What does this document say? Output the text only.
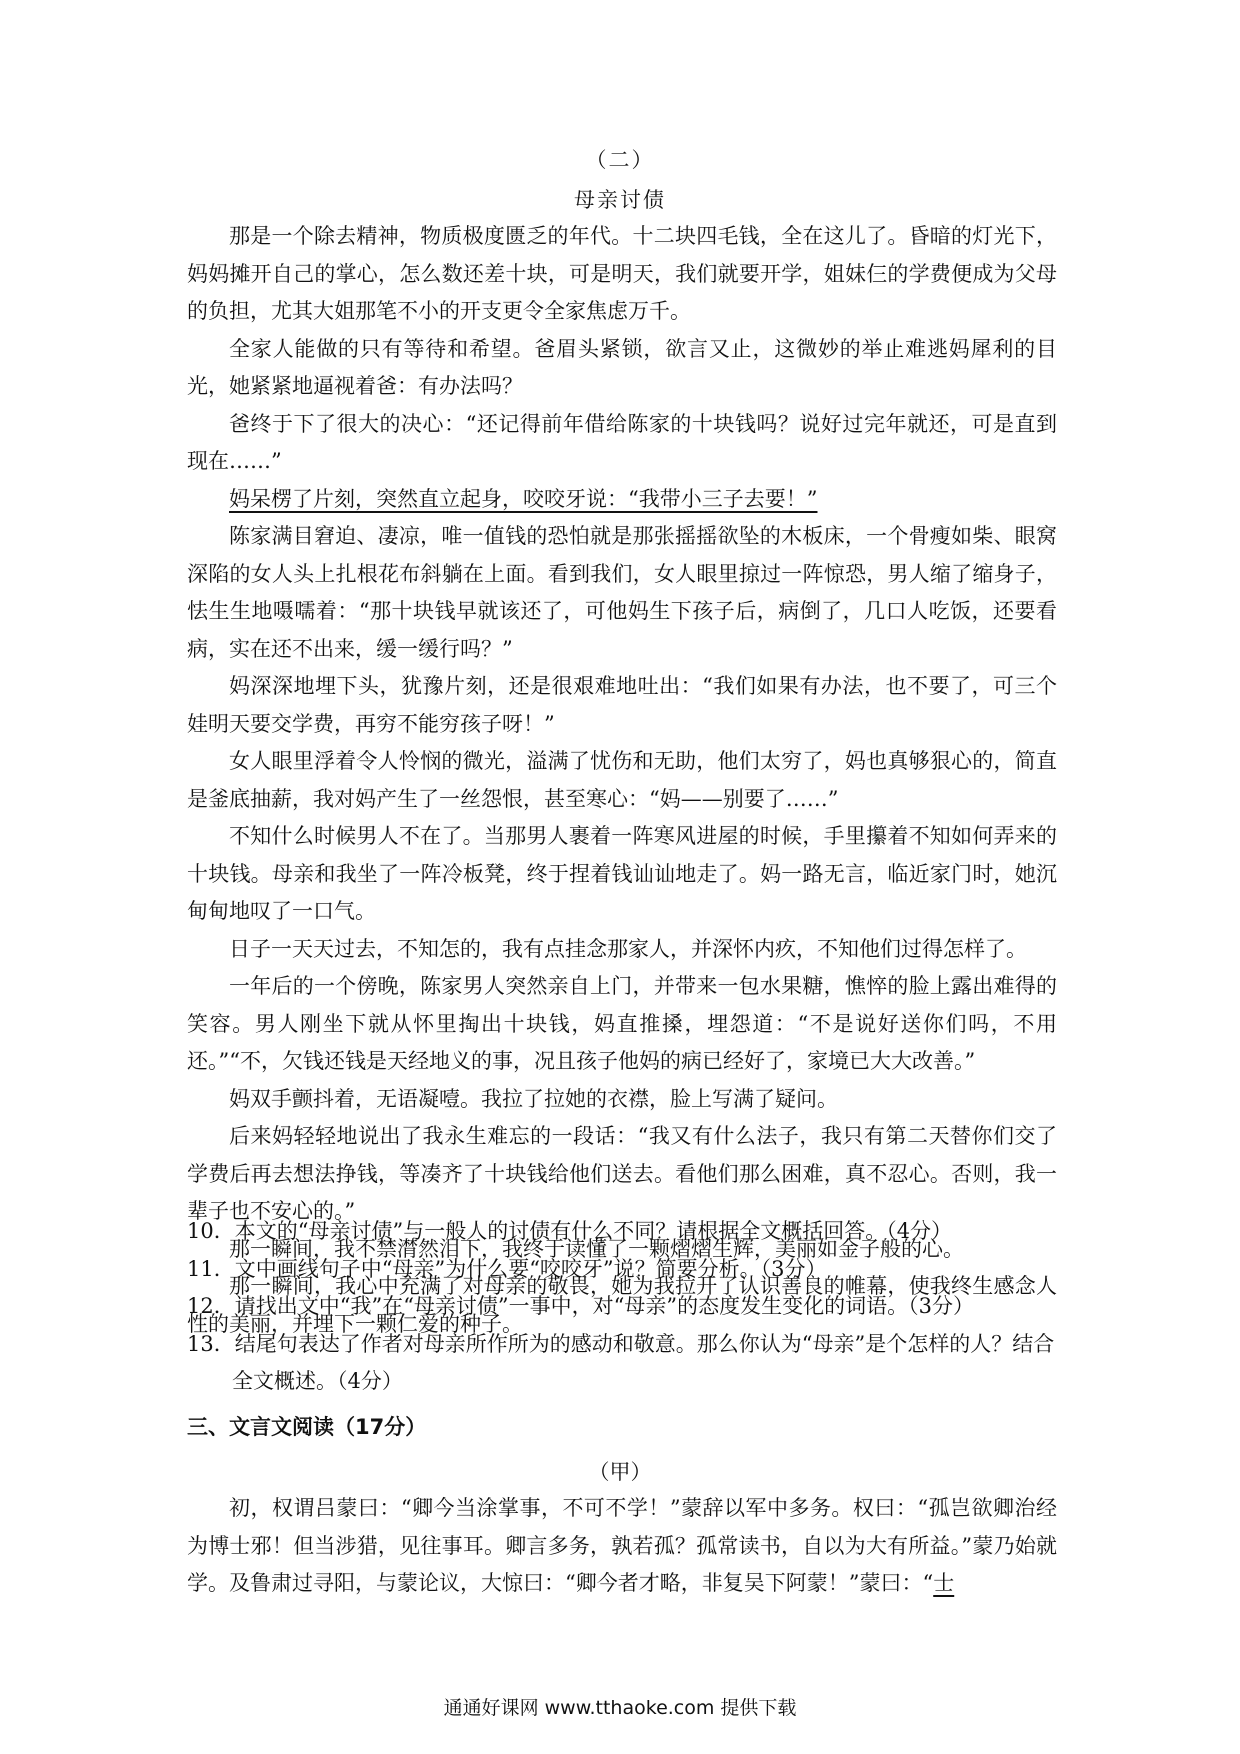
（二）
母亲讨债

那是一个除去精神，物质极度匮乏的年代。十二块四毛钱，全在这儿了。昏暗的灯光下，妈妈摊开自己的掌心，怎么数还差十块，可是明天，我们就要开学，姐妹仨的学费便成为父母的负担，尤其大姐那笔不小的开支更令全家焦虑万千。

全家人能做的只有等待和希望。爸眉头紧锁，欲言又止，这微妙的举止难逃妈犀利的目光，她紧紧地逼视着爸：有办法吗？

爸终于下了很大的决心：“还记得前年借给陈家的十块钱吗？说好过完年就还，可是直到现在……”

妈呆楞了片刻，突然直立起身，咬咬牙说：“我带小三子去要！”

陈家满目窘迫、凄凉，唯一值钱的恐怕就是那张摇摇欲坠的木板床，一个骨瘦如柴、眼窝深陷的女人头上扎根花布斜躺在上面。看到我们，女人眼里掠过一阵惊恐，男人缩了缩身子，怯生生地嗫嚅着：“那十块钱早就该还了，可他妈生下孩子后，病倒了，几口人吃饭，还要看病，实在还不出来，缓一缓行吗？”

妈深深地埋下头，犹豫片刻，还是很艰难地吐出：“我们如果有办法，也不要了，可三个娃明天要交学费，再穷不能穷孩子呀！”

女人眼里浮着令人怜悯的微光，溢满了忧伤和无助，他们太穷了，妈也真够狠心的，简直是釜底抽薪，我对妈产生了一丝怨恨，甚至寒心：“妈——别要了……”

不知什么时候男人不在了。当那男人裹着一阵寒风进屋的时候，手里攥着不知如何弄来的十块钱。母亲和我坐了一阵冷板凳，终于捏着钱讪讪地走了。妈一路无言，临近家门时，她沉甸甸地叹了一口气。

日子一天天过去，不知怎的，我有点挂念那家人，并深怀内疚，不知他们过得怎样了。

一年后的一个傍晚，陈家男人突然亲自上门，并带来一包水果糖，憔悴的脸上露出难得的笑容。男人刚坐下就从怀里掏出十块钱，妈直推搡，埋怨道：“不是说好送你们吗，不用还。”“不，欠钱还钱是天经地义的事，况且孩子他妈的病已经好了，家境已大大改善。”

妈双手颤抖着，无语凝噎。我拉了拉她的衣襟，脸上写满了疑问。

后来妈轻轻地说出了我永生难忘的一段话：“我又有什么法子，我只有第二天替你们交了学费后再去想法挣钱，等凑齐了十块钱给他们送去。看他们那么困难，真不忍心。否则，我一辈子也不安心的。”

那一瞬间，我不禁潸然泪下，我终于读懂了一颗熠熠生辉，美丽如金子般的心。

那一瞬间，我心中充满了对母亲的敬畏，她为我拉开了认识善良的帷幕，使我终生感念人性的美丽，并埋下一颗仁爱的种子。

10．本文的“母亲讨债”与一般人的讨债有什么不同？请根据全文概括回答。（4分）

11．文中画线句子中“母亲”为什么要“咬咬牙”说？简要分析。（3分）

12．请找出文中“我”在“母亲讨债”一事中，对“母亲”的态度发生变化的词语。（3分）

13．结尾句表达了作者对母亲所作所为的感动和敬意。那么你认为“母亲”是个怎样的人？结合全文概述。（4分）

三、文言文阅读（17分）
（甲）

初，权谓吕蒙曰：“卿今当涂掌事，不可不学！”蒙辞以军中多务。权曰：“孤岂欲卿治经为博士邪！但当涉猎，见往事耳。卿言多务，孰若孤？孤常读书，自以为大有所益。”蒙乃始就学。及鲁肃过寻阳，与蒙论议，大惊曰：“卿今者才略，非复吴下阿蒙！”蒙曰：“士

通通好课网 www.tthaoke.com 提供下载
